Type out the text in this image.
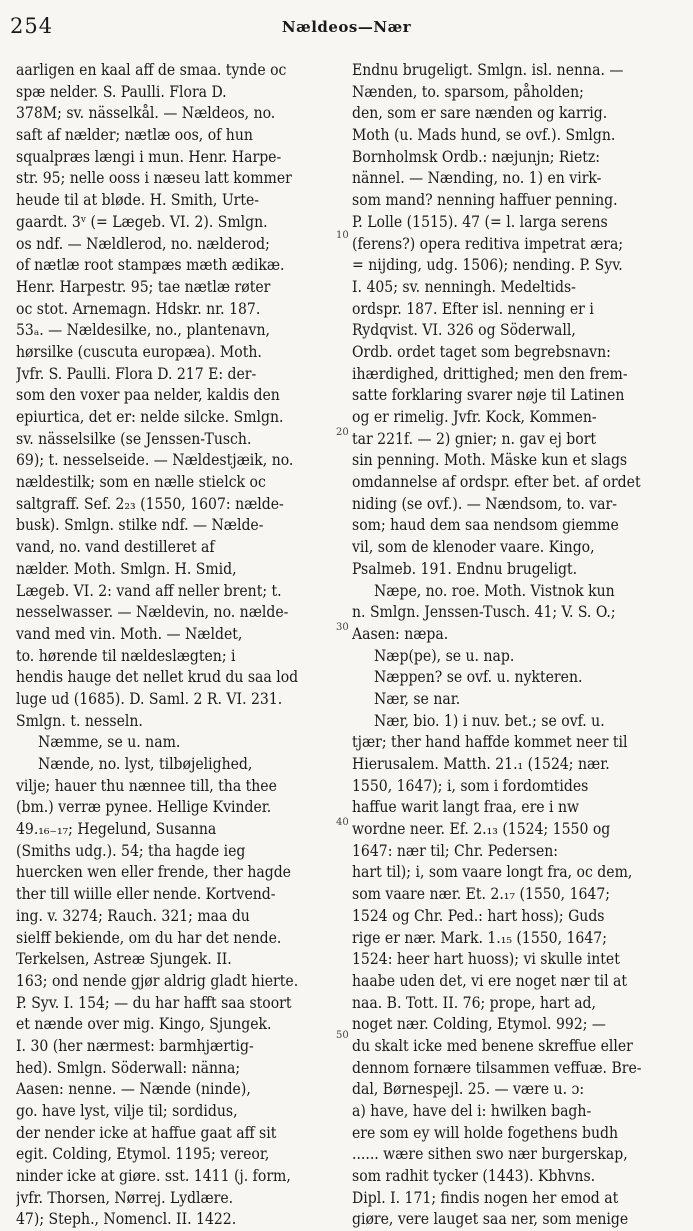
254	Nældeos—Nær
aarligen en kaal aff de smaa. tynde oc
spæ nelder. S. Paulli. Flora D.
378M; sv. nässelkål. — Nældeos, no.
saft af nælder; nætlæ oos, of hun
squalpræs længi i mun. Henr. Harpe-
str. 95; nelle ooss i næseu latt kommer
heude til at bløde. H. Smith, Urte-
gaardt. 3ᵛ (= Lægeb. VI. 2). Smlgn.
os ndf. — Nældlerod, no. nælderod;
of nætlæ root stampæs mæth ædikæ.
Henr. Harpestr. 95; tae nætlæ røter
oc stot. Arnemagn. Hdskr. nr. 187.
53ₐ. — Nældesilke, no., plantenavn,
hørsilke (cuscuta europæa). Moth.
Jvfr. S. Paulli. Flora D. 217 E: der-
som den voxer paa nelder, kaldis den
epiurtica, det er: nelde silcke. Smlgn.
sv. nässelsilke (se Jenssen-Tusch.
69); t. nesselseide. — Nældestjæik, no.
nældestilk; som en nælle stielck oc
saltgraff. Sef. 2₂₃ (1550, 1607: nælde-
busk). Smlgn. stilke ndf. — Nælde-
vand, no. vand destilleret af
nælder. Moth. Smlgn. H. Smid,
Lægeb. VI. 2: vand aff neller brent; t.
nesselwasser. — Nældevin, no. nælde-
vand med vin. Moth. — Nældet,
to. hørende til nældeslægten; i
hendis hauge det nellet krud du saa lod
luge ud (1685). D. Saml. 2 R. VI. 231.
Smlgn. t. nesseln.
Næmme, se u. nam.
Nænde, no. lyst, tilbøjelighed,
vilje; hauer thu nænnee till, tha thee
(bm.) verræ pynee. Hellige Kvinder.
49.₁₆₋₁₇; Hegelund, Susanna
(Smiths udg.). 54; tha hagde ieg
huercken wen eller frende, ther hagde
ther till wiille eller nende. Kortvend-
ing. v. 3274; Rauch. 321; maa du
sielff bekiende, om du har det nende.
Terkelsen, Astreæ Sjungek. II.
163; ond nende gjør aldrig gladt hierte.
P. Syv. I. 154; — du har hafft saa stoort
et nænde over mig. Kingo, Sjungek.
I. 30 (her nærmest: barmhjærtig-
hed). Smlgn. Söderwall: nänna;
Aasen: nenne. — Nænde (ninde),
go. have lyst, vilje til; sordidus,
der nender icke at haffue gaat aff sit
egit. Colding, Etymol. 1195; vereor,
ninder icke at giøre. sst. 1411 (j. form,
jvfr. Thorsen, Nørrej. Lydlære.
47); Steph., Nomencl. II. 1422.
Endnu brugeligt. Smlgn. isl. nenna. —
Nænden, to. sparsom, påholden;
den, som er sare nænden og karrig.
Moth (u. Mads hund, se ovf.). Smlgn.
Bornholmsk Ordb.: næjunjn; Rietz:
nännel. — Nænding, no. 1) en virk-
som mand? nenning haffuer penning.
P. Lolle (1515). 47 (= l. larga serens
(ferens?) opera reditiva impetrat æra;
= nijding, udg. 1506); nending. P. Syv.
I. 405; sv. nenningh. Medeltids-
ordspr. 187. Efter isl. nenning er i
Rydqvist. VI. 326 og Söderwall,
Ordb. ordet taget som begrebsnavn:
ihærdighed, drittighed; men den frem-
satte forklaring svarer nøje til Latinen
og er rimelig. Jvfr. Kock, Kommen-
tar 221f. — 2) gnier; n. gav ej bort
sin penning. Moth. Mäske kun et slags
omdannelse af ordspr. efter bet. af ordet
niding (se ovf.). — Nændsom, to. var-
som; haud dem saa nendsom giemme
vil, som de klenoder vaare. Kingo,
Psalmeb. 191. Endnu brugeligt.
Næpe, no. roe. Moth. Vistnok kun
n. Smlgn. Jenssen-Tusch. 41; V. S. O.;
Aasen: næpa.
Næp(pe), se u. nap.
Næppen? se ovf. u. nykteren.
Nær, se nar.
Nær, bio. 1) i nuv. bet.; se ovf. u.
tjær; ther hand haffde kommet neer til
Hierusalem. Matth. 21.₁ (1524; nær.
1550, 1647); i, som i fordomtides
haffue warit langt fraa, ere i nw
wordne neer. Ef. 2.₁₃ (1524; 1550 og
1647: nær til; Chr. Pedersen:
hart til); i, som vaare longt fra, oc dem,
som vaare nær. Et. 2.₁₇ (1550, 1647;
1524 og Chr. Ped.: hart hoss); Guds
rige er nær. Mark. 1.₁₅ (1550, 1647;
1524: heer hart huoss); vi skulle intet
haabe uden det, vi ere noget nær til at
naa. B. Tott. II. 76; prope, hart ad,
noget nær. Colding, Etymol. 992; —
du skalt icke med benene skreffue eller
dennom fornære tilsammen veffuæ. Bre-
dal, Børnespejl. 25. — være u. ɔ:
a) have, have del i: hwilken bagh-
ere som ey will holde fogethens budh
...... wære sithen swo nær burgerskap,
som radhit tycker (1443). Kbhvns.
Dipl. I. 171; findis nogen her emod at
giøre, vere lauget saa ner, som menige
10
20
30
40
50
